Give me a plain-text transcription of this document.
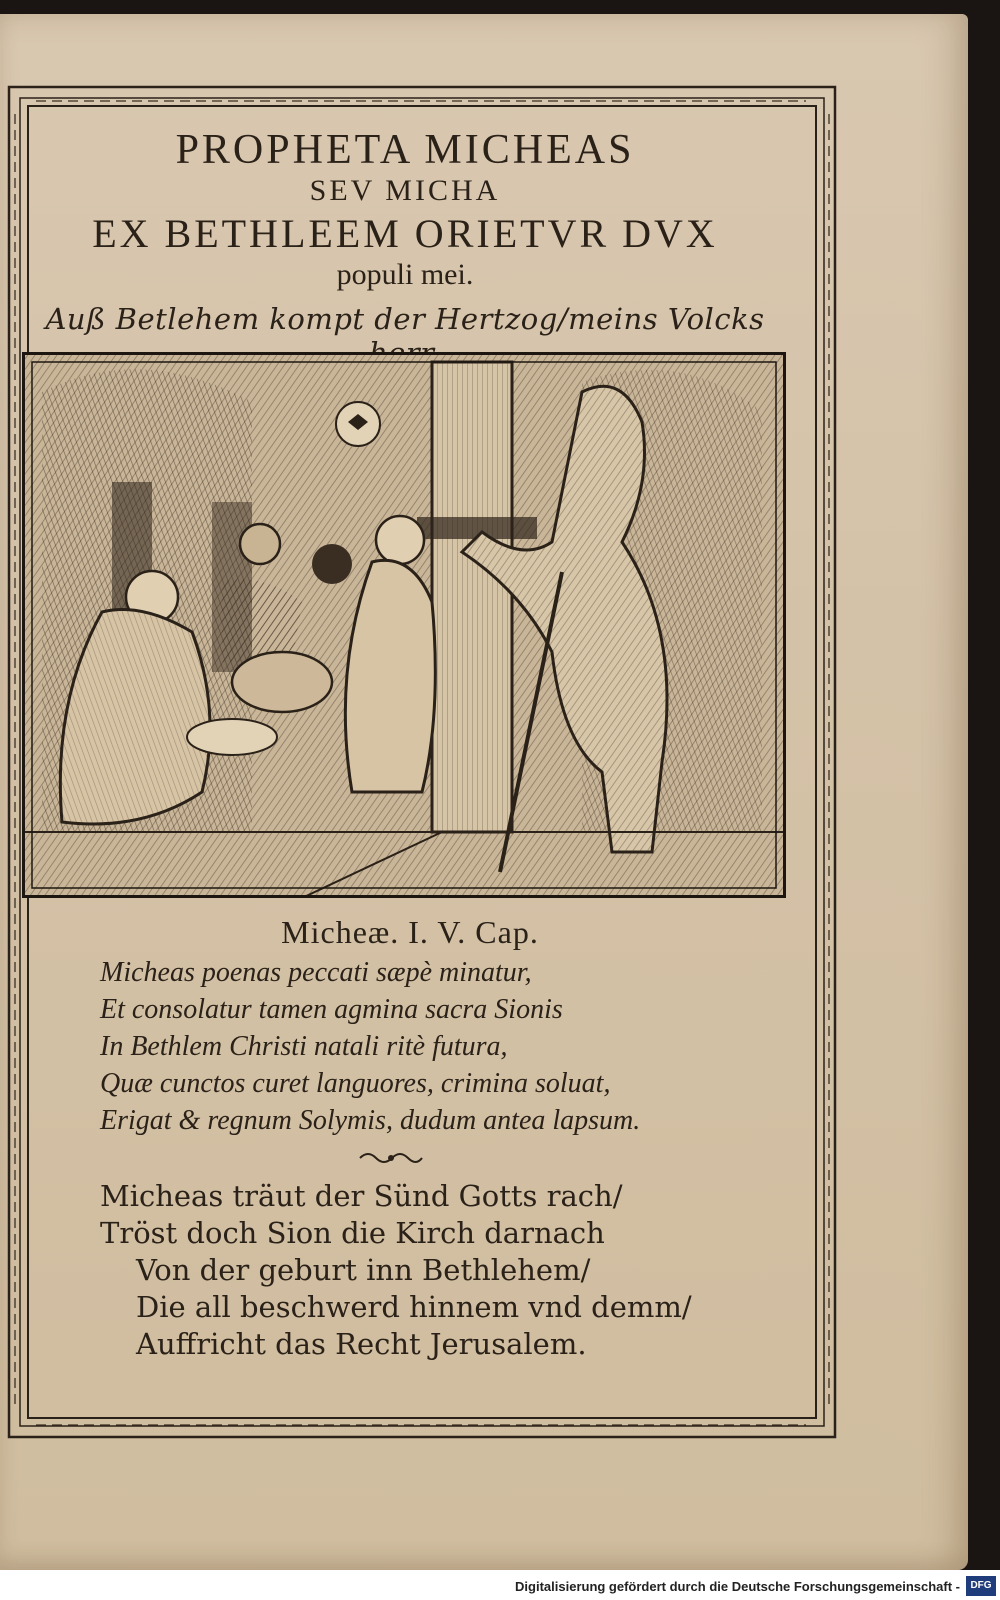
PROPHETA MICHEAS
SEV MICHA
EX BETHLEEM ORIETVR DVX
populi mei.
Auß Betlehem kompt der Hertzog/meins Volcks
Micheæ. I. V. Cap.
Micheas poenas peccati sæpè minatur,
Et consolatur tamen agmina sacra Sionis
In Bethlem Christi natali ritè futura,
Quæ cunctos curet languores, crimina soluat,
Erigat & regnum Solymis, dudum antea lapsum.
Micheas träut der Sünd Gotts rach/
Tröst doch Sion die Kirch darnach
Von der geburt inn Bethlehem/
Die all beschwerd hinnem vnd demm/
Auffricht das Recht Jerusalem.
Digitalisierung gefördert durch die Deutsche Forschungsgemeinschaft -	DFG
